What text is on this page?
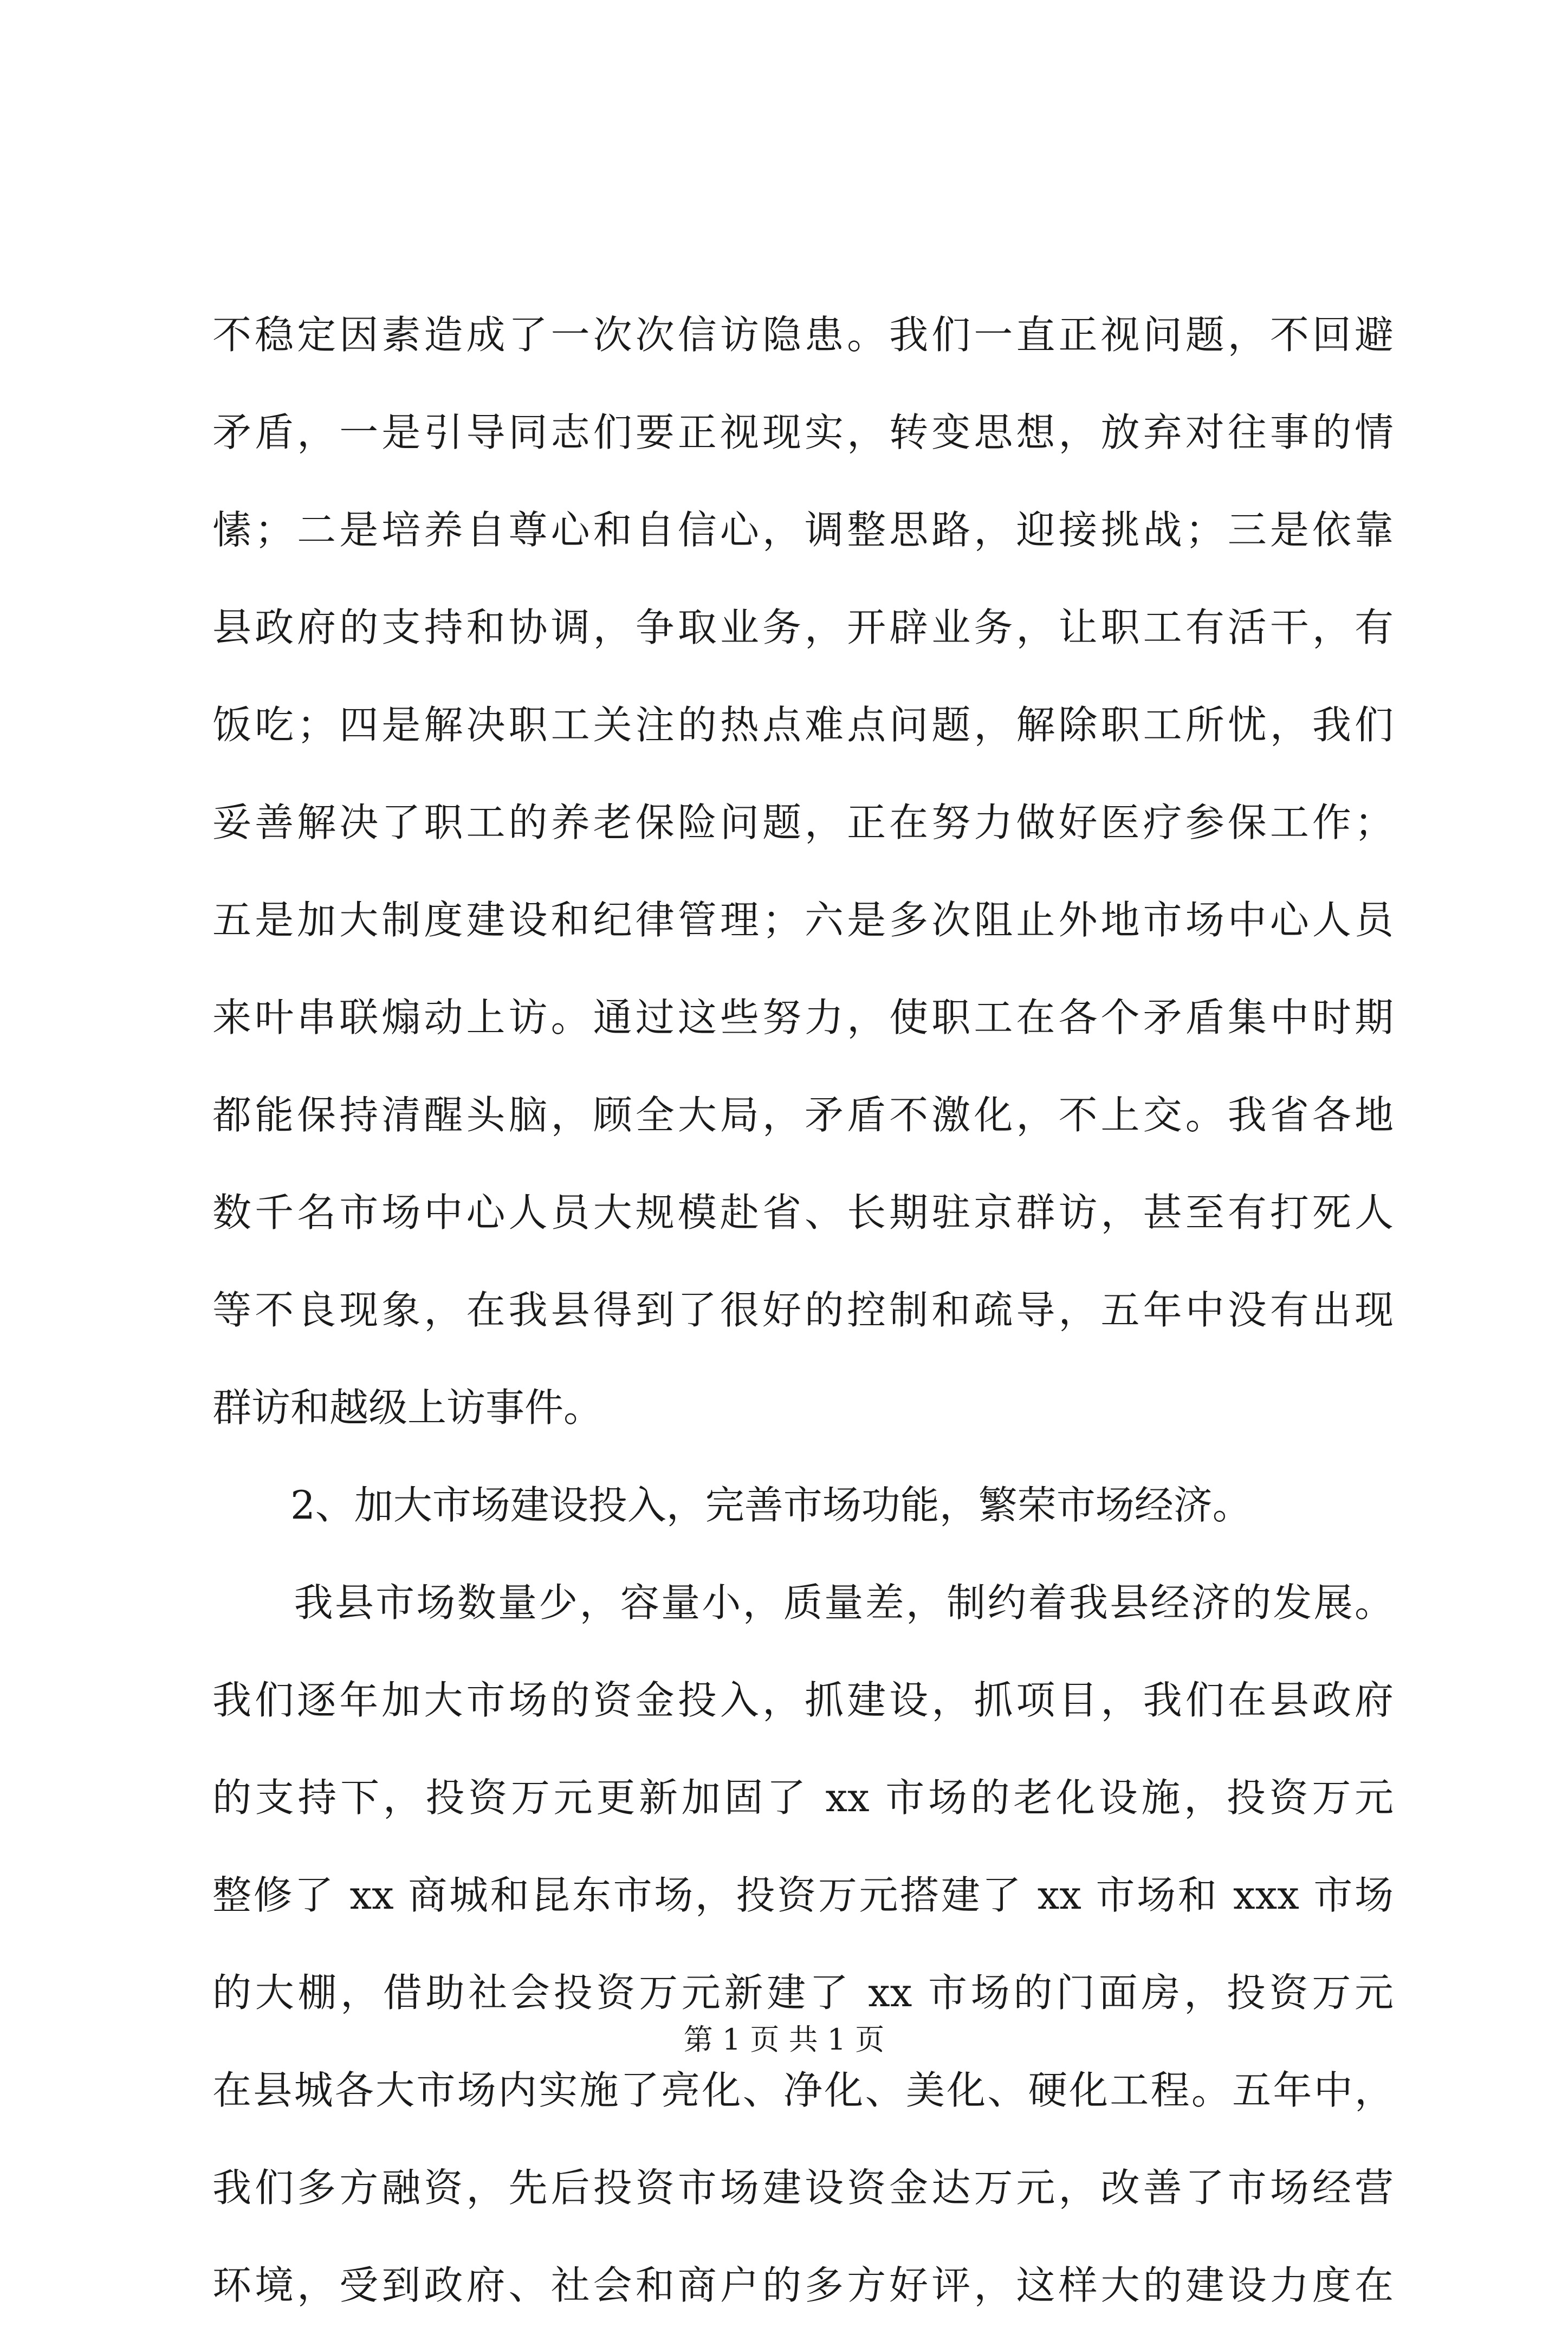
不稳定因素造成了一次次信访隐患。我们一直正视问题，不回避
矛盾，一是引导同志们要正视现实，转变思想，放弃对往事的情
愫；二是培养自尊心和自信心，调整思路，迎接挑战；三是依靠
县政府的支持和协调，争取业务，开辟业务，让职工有活干，有
饭吃；四是解决职工关注的热点难点问题，解除职工所忧，我们
妥善解决了职工的养老保险问题，正在努力做好医疗参保工作；
五是加大制度建设和纪律管理；六是多次阻止外地市场中心人员
来叶串联煽动上访。通过这些努力，使职工在各个矛盾集中时期
都能保持清醒头脑，顾全大局，矛盾不激化，不上交。我省各地
数千名市场中心人员大规模赴省、长期驻京群访，甚至有打死人
等不良现象，在我县得到了很好的控制和疏导，五年中没有出现
群访和越级上访事件。
　　2、加大市场建设投入，完善市场功能，繁荣市场经济。
　　我县市场数量少，容量小，质量差，制约着我县经济的发展。
我们逐年加大市场的资金投入，抓建设，抓项目，我们在县政府
的支持下，投资万元更新加固了 xx 市场的老化设施，投资万元
整修了 xx 商城和昆东市场，投资万元搭建了 xx 市场和 xxx 市场
的大棚，借助社会投资万元新建了 xx 市场的门面房，投资万元
在县城各大市场内实施了亮化、净化、美化、硬化工程。五年中，
我们多方融资，先后投资市场建设资金达万元，改善了市场经营
环境，受到政府、社会和商户的多方好评，这样大的建设力度在
第 1 页 共 1 页
